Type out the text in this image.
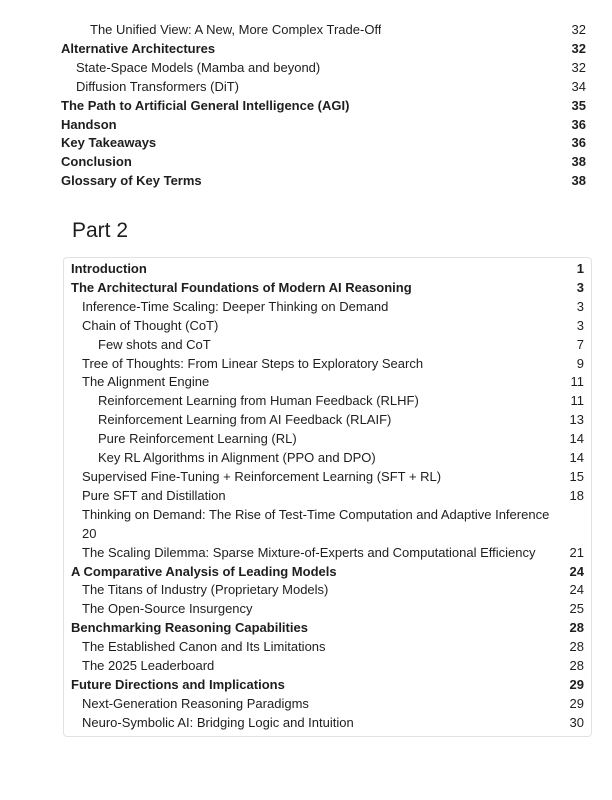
The Unified View: A New, More Complex Trade-Off	32
Alternative Architectures	32
State-Space Models (Mamba and beyond)	32
Diffusion Transformers (DiT)	34
The Path to Artificial General Intelligence (AGI)	35
Handson	36
Key Takeaways	36
Conclusion	38
Glossary of Key Terms	38
Part 2
Introduction	1
The Architectural Foundations of Modern AI Reasoning	3
Inference-Time Scaling: Deeper Thinking on Demand	3
Chain of Thought (CoT)	3
Few shots and CoT	7
Tree of Thoughts: From Linear Steps to Exploratory Search	9
The Alignment Engine	11
Reinforcement Learning from Human Feedback (RLHF)	11
Reinforcement Learning from AI Feedback (RLAIF)	13
Pure Reinforcement Learning (RL)	14
Key RL Algorithms in Alignment (PPO and DPO)	14
Supervised Fine-Tuning + Reinforcement Learning (SFT + RL)	15
Pure SFT and Distillation	18
Thinking on Demand: The Rise of Test-Time Computation and Adaptive Inference
20
The Scaling Dilemma: Sparse Mixture-of-Experts and Computational Efficiency	21
A Comparative Analysis of Leading Models	24
The Titans of Industry (Proprietary Models)	24
The Open-Source Insurgency	25
Benchmarking Reasoning Capabilities	28
The Established Canon and Its Limitations	28
The 2025 Leaderboard	28
Future Directions and Implications	29
Next-Generation Reasoning Paradigms	29
Neuro-Symbolic AI: Bridging Logic and Intuition	30
